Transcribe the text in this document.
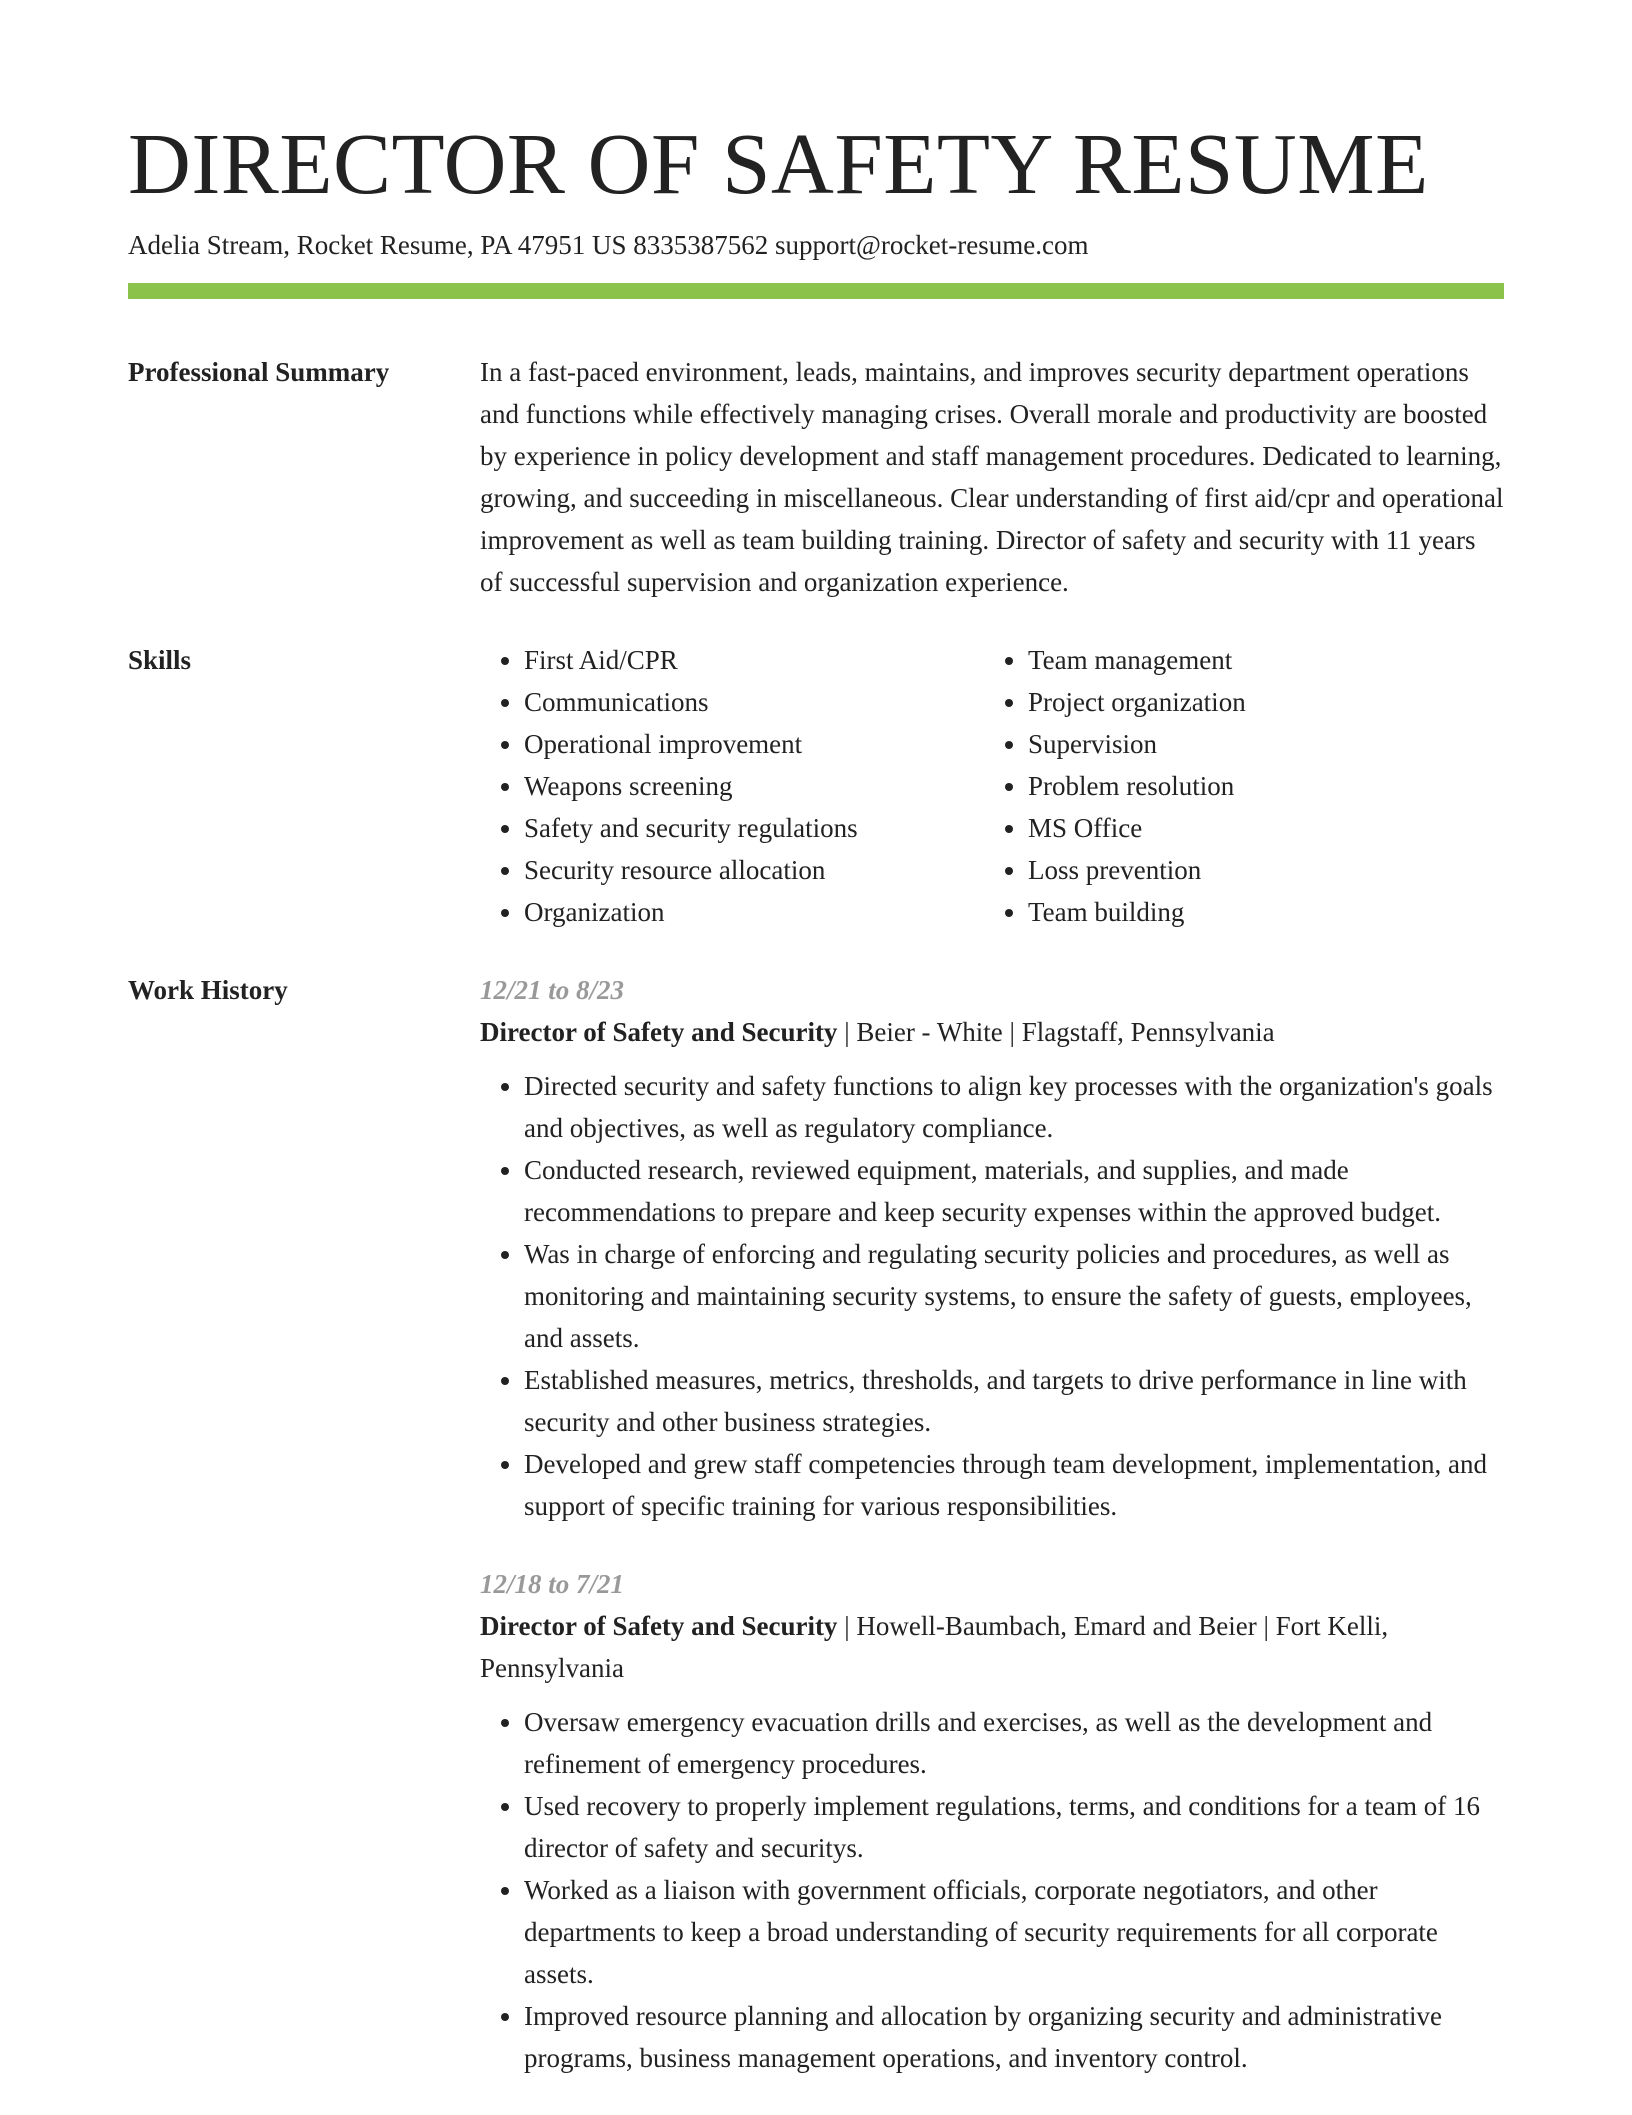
DIRECTOR OF SAFETY RESUME
Adelia Stream, Rocket Resume, PA 47951 US 8335387562 support@rocket-resume.com
Professional Summary	In a fast-paced environment, leads, maintains, and improves security department operations and functions while effectively managing crises. Overall morale and productivity are boosted by experience in policy development and staff management procedures. Dedicated to learning, growing, and succeeding in miscellaneous. Clear understanding of first aid/cpr and operational improvement as well as team building training. Director of safety and security with 11 years of successful supervision and organization experience.

Skills
•	First Aid/CPR
• Communications
• Operational improvement
• Weapons screening
• Safety and security regulations
• Security resource allocation
• Organization
• Team management
• Project organization
• Supervision
• Problem resolution
• MS Office
• Loss prevention
• Team building
Work History	12/21 to 8/23
Director of Safety and Security | Beier - White | Flagstaff, Pennsylvania
• Directed security and safety functions to align key processes with the organization's goals and objectives, as well as regulatory compliance.
• Conducted research, reviewed equipment, materials, and supplies, and made recommendations to prepare and keep security expenses within the approved budget.
• Was in charge of enforcing and regulating security policies and procedures, as well as monitoring and maintaining security systems, to ensure the safety of guests, employees, and assets.
• Established measures, metrics, thresholds, and targets to drive performance in line with security and other business strategies.
• Developed and grew staff competencies through team development, implementation, and support of specific training for various responsibilities.
12/18 to 7/21
Director of Safety and Security | Howell-Baumbach, Emard and Beier | Fort Kelli, Pennsylvania
• Oversaw emergency evacuation drills and exercises, as well as the development and refinement of emergency procedures.
• Used recovery to properly implement regulations, terms, and conditions for a team of 16 director of safety and securitys.
• Worked as a liaison with government officials, corporate negotiators, and other departments to keep a broad understanding of security requirements for all corporate assets.
• Improved resource planning and allocation by organizing security and administrative programs, business management operations, and inventory control.
